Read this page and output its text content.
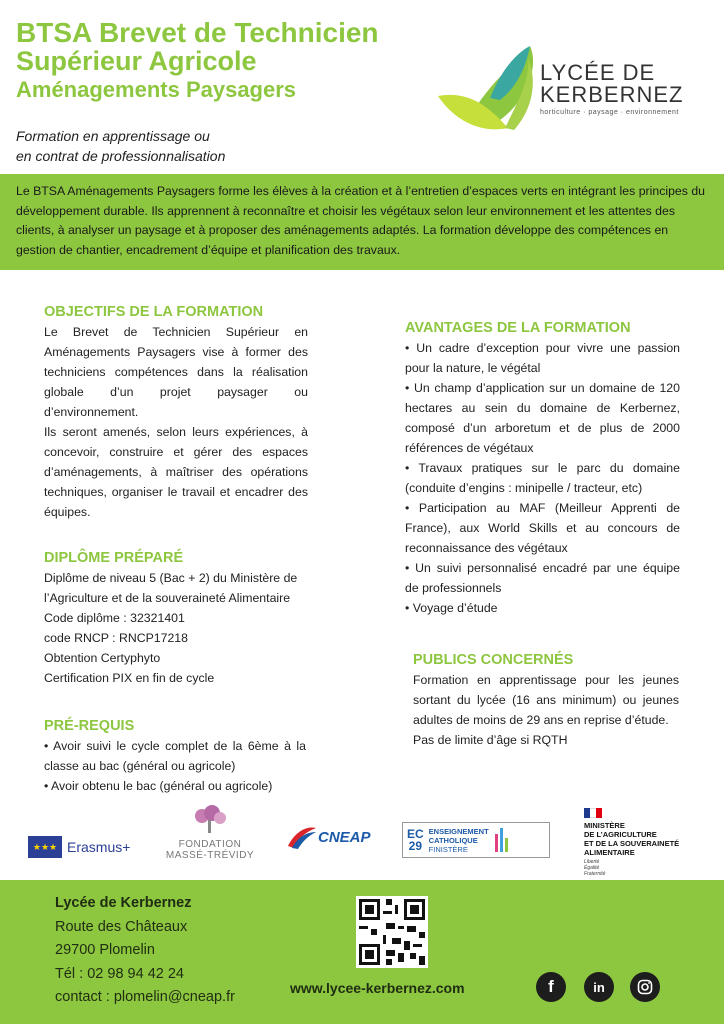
BTSA Brevet de Technicien
Supérieur Agricole
Aménagements Paysagers
Formation en apprentissage ou
en contrat de professionnalisation
LYCÉE DE
KERBERNEZ
horticulture · paysage · environnement
Le BTSA Aménagements Paysagers forme les élèves à la création et à l’entretien d’espaces verts en intégrant les principes du développement durable. Ils apprennent à reconnaître et choisir les végétaux selon leur environnement et les attentes des clients, à analyser un paysage et à proposer des aménagements adaptés. La formation développe des compétences en gestion de chantier, encadrement d’équipe et planification des travaux.
OBJECTIFS DE LA FORMATION
Le Brevet de Technicien Supérieur en Aménagements Paysagers vise à former des techniciens compétences dans la réalisation globale d’un projet paysager ou d’environnement.
Ils seront amenés, selon leurs expériences, à concevoir, construire et gérer des espaces d’aménagements, à maîtriser des opérations techniques, organiser le travail et encadrer des équipes.
DIPLÔME PRÉPARÉ
Diplôme de niveau 5 (Bac + 2) du Ministère de
l’Agriculture et de la souveraineté Alimentaire
Code diplôme : 32321401
code RNCP : RNCP17218
Obtention Certyphyto
Certification PIX en fin de cycle
PRÉ-REQUIS
• Avoir suivi le cycle complet de la 6ème à la classe au bac (général ou agricole)
• Avoir obtenu le bac (général ou agricole)
AVANTAGES DE LA FORMATION
• Un cadre d’exception pour vivre une passion pour la nature, le végétal
• Un champ d’application sur un domaine de 120 hectares au sein du domaine de Kerbernez, composé d’un arboretum et de plus de 2000 références de végétaux
• Travaux pratiques sur le parc du domaine (conduite d’engins : minipelle / tracteur, etc)
• Participation au MAF (Meilleur Apprenti de France), aux World Skills et au concours de reconnaissance des végétaux
• Un suivi personnalisé encadré par une équipe de professionnels
• Voyage d’étude
PUBLICS CONCERNÉS
Formation en apprentissage pour les jeunes sortant du lycée (16 ans minimum) ou jeunes adultes de moins de 29 ans en reprise d’étude.
Pas de limite d’âge si RQTH
★★★ Erasmus+	FONDATION
MASSÉ-TRÉVIDY
CNEAP	EC
29
ENSEIGNEMENT
CATHOLIQUE
FINISTÈRE
MINISTÈRE
DE L’AGRICULTURE
ET DE LA SOUVERAINETÉ
ALIMENTAIRE
Liberté
Égalité
Fraternité
Lycée de Kerbernez
Route des Châteaux
29700 Plomelin
Tél : 02 98 94 42 24
contact : plomelin@cneap.fr
www.lycee-kerbernez.com	f	in
